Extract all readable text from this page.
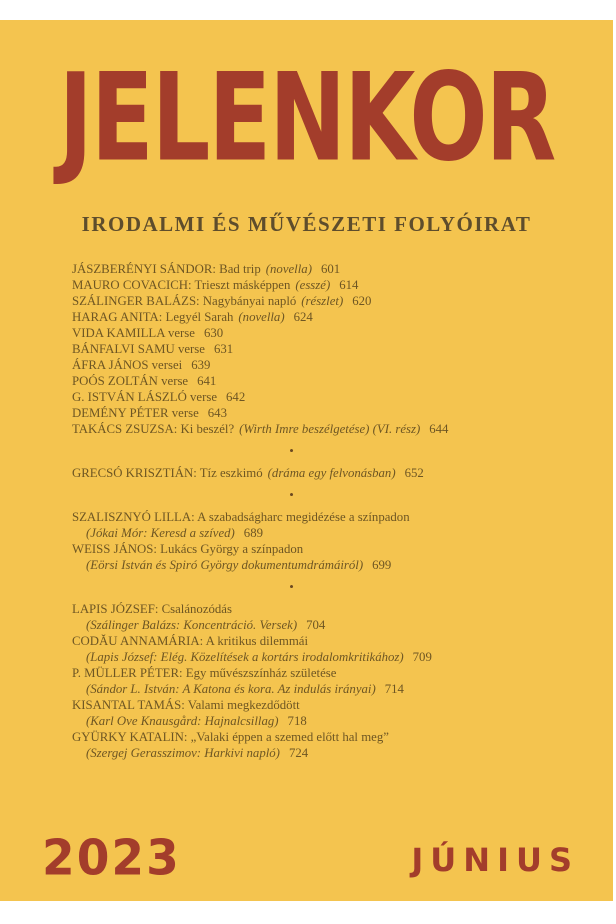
JELENKOR
IRODALMI ÉS MŰVÉSZETI FOLYÓIRAT
JÁSZBERÉNYI SÁNDOR: Bad trip (novella) 601
MAURO COVACICH: Trieszt másképpen (esszé) 614
SZÁLINGER BALÁZS: Nagybányai napló (részlet) 620
HARAG ANITA: Legyél Sarah (novella) 624
VIDA KAMILLA verse 630
BÁNFALVI SAMU verse 631
ÁFRA JÁNOS versei 639
POÓS ZOLTÁN verse 641
G. ISTVÁN LÁSZLÓ verse 642
DEMÉNY PÉTER verse 643
TAKÁCS ZSUZSA: Ki beszél? (Wirth Imre beszélgetése) (VI. rész) 644
•
GRECSÓ KRISZTIÁN: Tíz eszkimó (dráma egy felvonásban) 652
•
SZALISZNYÓ LILLA: A szabadságharc megidézése a színpadon
(Jókai Mór: Keresd a szíved) 689
WEISS JÁNOS: Lukács György a színpadon
(Eörsi István és Spiró György dokumentumdrámáiról) 699
•
LAPIS JÓZSEF: Csalánozódás
(Szálinger Balázs: Koncentráció. Versek) 704
CODĂU ANNAMÁRIA: A kritikus dilemmái
(Lapis József: Elég. Közelítések a kortárs irodalomkritikához) 709
P. MÜLLER PÉTER: Egy művészszínház születése
(Sándor L. István: A Katona és kora. Az indulás irányai) 714
KISANTAL TAMÁS: Valami megkezdődött
(Karl Ove Knausgård: Hajnalcsillag) 718
GYÜRKY KATALIN: „Valaki éppen a szemed előtt hal meg”
(Szergej Gerasszimov: Harkivi napló) 724
2023	JÚNIUS
